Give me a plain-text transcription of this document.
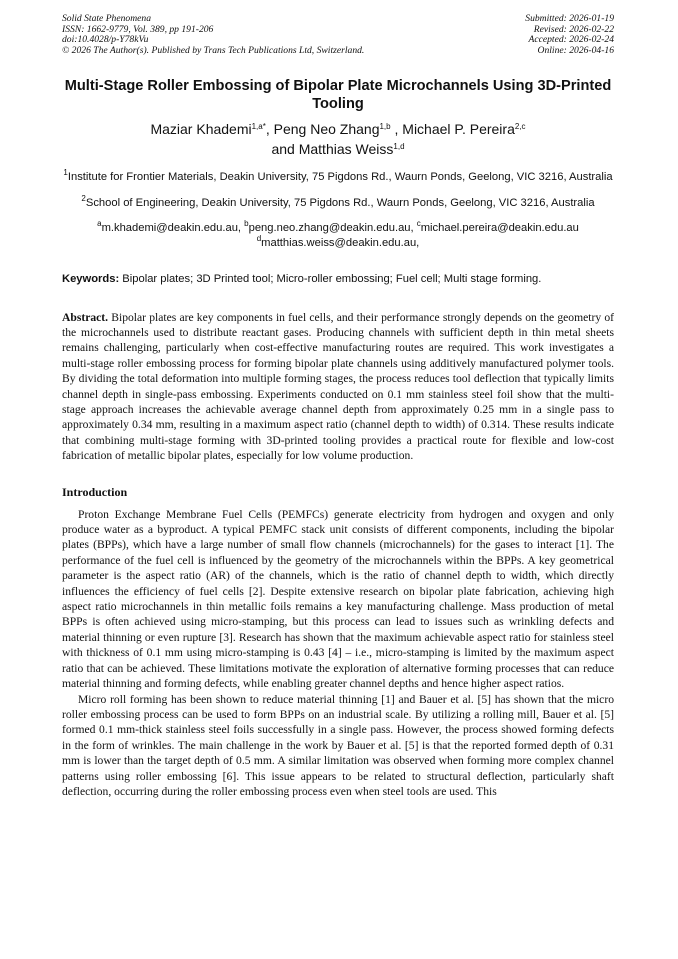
Solid State Phenomena
ISSN: 1662-9779, Vol. 389, pp 191-206
doi:10.4028/p-Y78kVu
© 2026 The Author(s). Published by Trans Tech Publications Ltd, Switzerland.
Submitted: 2026-01-19
Revised: 2026-02-22
Accepted: 2026-02-24
Online: 2026-04-16
Multi-Stage Roller Embossing of Bipolar Plate Microchannels Using 3D-Printed Tooling
Maziar Khademi$^{1,a*}$, Peng Neo Zhang$^{1,b}$ , Michael P. Pereira$^{2,c}$
and Matthias Weiss$^{1,d}$
$^1$Institute for Frontier Materials, Deakin University, 75 Pigdons Rd., Waurn Ponds, Geelong, VIC 3216, Australia
$^2$School of Engineering, Deakin University, 75 Pigdons Rd., Waurn Ponds, Geelong, VIC 3216, Australia
$^a$m.khademi@deakin.edu.au, $^b$peng.neo.zhang@deakin.edu.au, $^c$michael.pereira@deakin.edu.au
$^d$matthias.weiss@deakin.edu.au,
Keywords: Bipolar plates; 3D Printed tool; Micro-roller embossing; Fuel cell; Multi stage forming.
Abstract. Bipolar plates are key components in fuel cells, and their performance strongly depends on the geometry of the microchannels used to distribute reactant gases. Producing channels with sufficient depth in thin metal sheets remains challenging, particularly when cost-effective manufacturing routes are required. This work investigates a multi-stage roller embossing process for forming bipolar plate channels using additively manufactured polymer tools. By dividing the total deformation into multiple forming stages, the process reduces tool deflection that typically limits channel depth in single-pass embossing. Experiments conducted on 0.1 mm stainless steel foil show that the multi-stage approach increases the achievable average channel depth from approximately 0.25 mm in a single pass to approximately 0.34 mm, resulting in a maximum aspect ratio (channel depth to width) of 0.314. These results indicate that combining multi-stage forming with 3D-printed tooling provides a practical route for flexible and low-cost fabrication of metallic bipolar plates, especially for low volume production.
Introduction

Proton Exchange Membrane Fuel Cells (PEMFCs) generate electricity from hydrogen and oxygen and only produce water as a byproduct. A typical PEMFC stack unit consists of different components, including the bipolar plates (BPPs), which have a large number of small flow channels (microchannels) for the gases to interact [1]. The performance of the fuel cell is influenced by the geometry of the microchannels within the BPPs. A key geometrical parameter is the aspect ratio (AR) of the channels, which is the ratio of channel depth to width, which directly influences the efficiency of fuel cells [2]. Despite extensive research on bipolar plate fabrication, achieving high aspect ratio microchannels in thin metallic foils remains a key manufacturing challenge. Mass production of metal BPPs is often achieved using micro-stamping, but this process can lead to issues such as wrinkling defects and material thinning or even rupture [3]. Research has shown that the maximum achievable aspect ratio for stainless steel with thickness of 0.1 mm using micro-stamping is 0.43 [4] – i.e., micro-stamping is limited by the maximum aspect ratio that can be achieved. These limitations motivate the exploration of alternative forming processes that can reduce material thinning and forming defects, while enabling greater channel depths and hence higher aspect ratios.

Micro roll forming has been shown to reduce material thinning [1] and Bauer et al. [5] has shown that the micro roller embossing process can be used to form BPPs on an industrial scale. By utilizing a rolling mill, Bauer et al. [5] formed 0.1 mm-thick stainless steel foils successfully in a single pass. However, the process showed forming defects in the form of wrinkles. The main challenge in the work by Bauer et al. [5] is that the reported formed depth of 0.31 mm is lower than the target depth of 0.5 mm. A similar limitation was observed when forming more complex channel patterns using roller embossing [6]. This issue appears to be related to structural deflection, particularly shaft deflection, occurring during the roller embossing process even when steel tools are used. This
